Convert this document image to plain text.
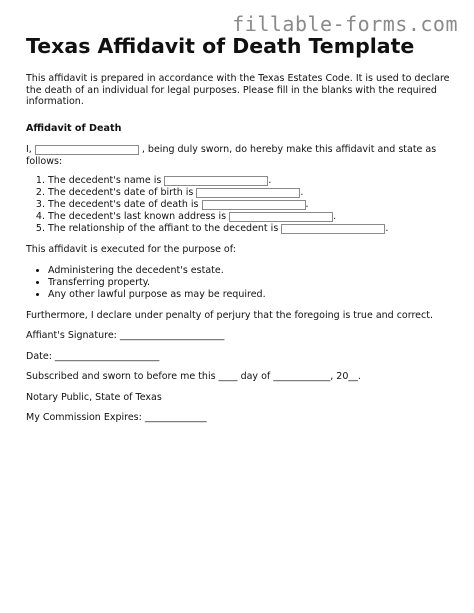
fillable-forms.com
Texas Affidavit of Death Template

This affidavit is prepared in accordance with the Texas Estates Code. It is used to declare the death of an individual for legal purposes. Please fill in the blanks with the required information.

Affidavit of Death

I,	, being duly sworn, do hereby make this affidavit and state as follows:

1. The decedent's name is	.
2. The decedent's date of birth is	.
3. The decedent's date of death is	.
4. The decedent's last known address is	.
5. The relationship of the affiant to the decedent is	.

This affidavit is executed for the purpose of:

• Administering the decedent's estate.
• Transferring property.
• Any other lawful purpose as may be required.

Furthermore, I declare under penalty of perjury that the foregoing is true and correct.

Affiant's Signature: ______________________

Date: ______________________

Subscribed and sworn to before me this ____ day of ____________, 20__.

Notary Public, State of Texas

My Commission Expires: _____________
